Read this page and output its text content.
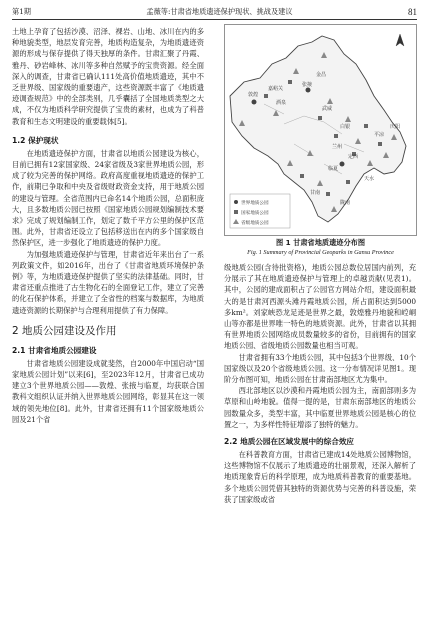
第1期	孟薇等:甘肃省地质遗迹保护现状、挑战及建议	81

土地上孕育了包括沙漠、沼泽、裸岩、山地、冰川在内的多种地貌类型，地层发育完善，地质构造复杂，为地质遗迹资源的形成与保存提供了得天独厚的条件。甘肃汇聚了丹霞、雅丹、砂岩峰林、冰川等多种自然赋予的宝贵资源。经全面深入的调查，甘肃省已确认111处高价值地质遗迹，其中不乏世界级、国家级的重要遗产，这些资源既丰富了《地质遗迹调查规范》中的全部类别，几乎囊括了全国地质类型之大成，不仅为地质科学研究提供了宝贵的素材，也成为了科普教育和生态文明建设的重要载体[5]。

1.2 保护现状

在地质遗迹保护方面，甘肃省以地质公园建设为核心，目前已拥有12家国家级、24家省级及3家世界地质公园，形成了较为完善的保护网络。政府高度重视地质遗迹的保护工作，前期已争取和中央及省级财政资金支持，用于地质公园的建设与管理。全省范围内已命名14个地质公园，总面积庞大，且多数地质公园已按照《国家地质公园规划编制技术要求》完成了规划编制工作，划定了数千平方公里的保护区范围。此外，甘肃省还设立了包括移送出在内的多个国家级自然保护区，进一步强化了地质遗迹的保护力度。

为加强地质遗迹保护与管理，甘肃省近年来出台了一系列政策文件，如2016年，出台了《甘肃省地质环境保护条例》等，为地质遗迹保护提供了坚实的法律基础。同时，甘肃省还重点推进了古生物化石的全面登记工作，建立了完善的化石保护体系，并建立了全省性的档案与数据库，为地质遗迹资源的长期保护与合理利用提供了有力保障。

2 地质公园建设及作用
2.1 甘肃省地质公园建设

甘肃省地质公园建设成就斐然，自2000年中国启动“国家地质公园计划”以来[6]，至2023年12月，甘肃省已成功建立3个世界地质公园——敦煌、张掖与临夏，均获联合国教科文组织认证并纳入世界地质公园网络，彰显其在这一领域的领先地位[8]。此外，甘肃省还拥有11个国家级地质公园及21个省

敦煌
嘉峪关
酒泉
张掖
金昌
武威
白银
兰州
定西
平凉
庆阳
天水
陇南
临夏
甘南
世界地质公园
国家地质公园
省级地质公园
图 1 甘肃省地质遗迹分布图
Fig. 1 Summary of Provincial Geoparks in Gansu Province

级地质公园(含待批资格)，地质公园总数位居国内前列，充分展示了其在地质遗迹保护与管理上的卓越贡献(见表1)。其中，公园的建成面积占了公园官方网站介绍，建设面积最大的是甘肃河西源头滩丹霞地质公园，所占面积达到5000多km²。刘家峡恐龙足迹是世界之最，敦煌雅丹地貌和崆峒山等亦都是世界唯一特色的地质资源。此外，甘肃省以其拥有世界地质公园网络成员数量较多的省份，目前拥有的国家地质公园、省级地质公园数量也相当可观。

甘肃省拥有33个地质公园，其中包括3个世界级、10个国家级以及20个省级地质公园。这一分布情况详见图1。现阶分布图可知，地质公园在甘肃南部地区尤为集中。

西北部地区以沙漠和丹霞地质公园为主，南面部则多为草原和山岭地貌。值得一提的是，甘肃东南部地区的地质公园数量众多，类型丰富，其中临夏世界地质公园是核心的位置之一，为多样性特征增添了独特的魅力。

2.2 地质公园在区域发展中的综合效应

在科普教育方面，甘肃省已建成14处地质公园博物馆，这些博物馆不仅展示了地质遗迹的壮丽景观，还深入解析了地质现象背后的科学原理，成为地质科普教育的重要基地。多个地质公园凭借其独特的资源优势与完善的科普设施，荣获了国家级或省
